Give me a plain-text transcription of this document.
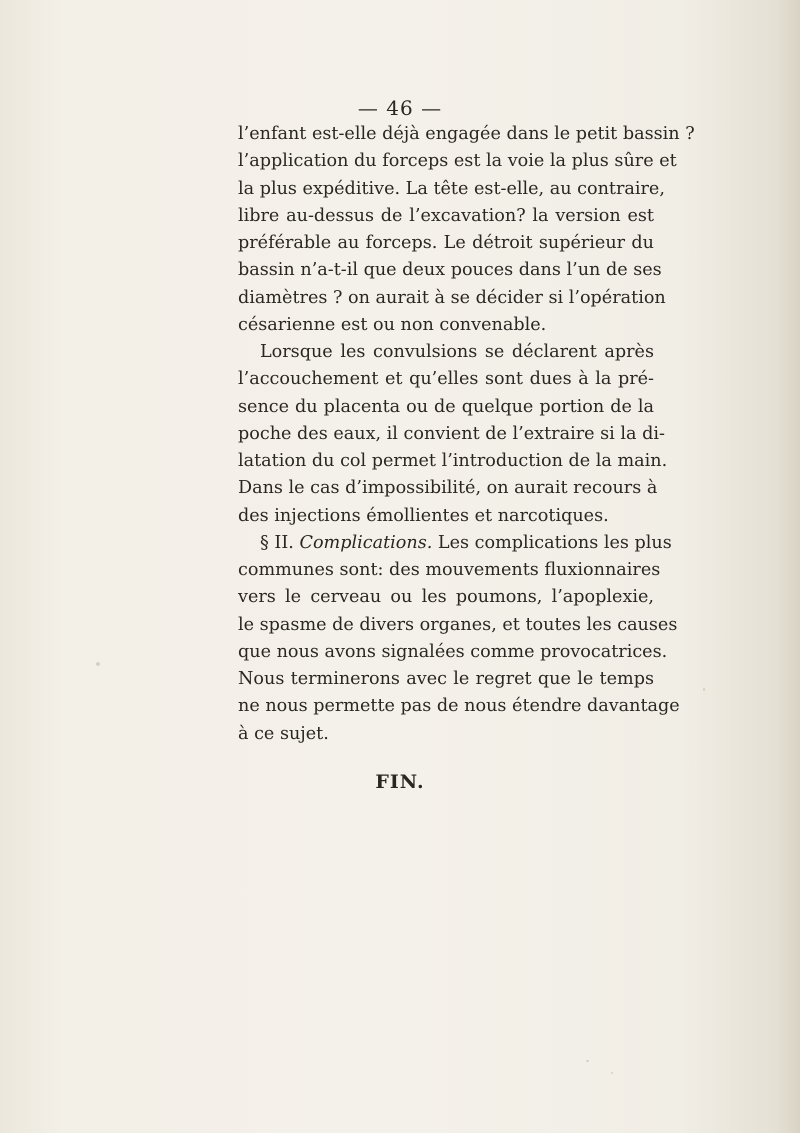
— 46 —
l’enfant est-elle déjà engagée dans le petit bassin ?
l’application du forceps est la voie la plus sûre et
la plus expéditive. La tête est-elle, au contraire,
libre au-dessus de l’excavation? la version est
préférable au forceps. Le détroit supérieur du
bassin n’a-t-il que deux pouces dans l’un de ses
diamètres ? on aurait à se décider si l’opération
césarienne est ou non convenable.
Lorsque les convulsions se déclarent après
l’accouchement et qu’elles sont dues à la pré-
sence du placenta ou de quelque portion de la
poche des eaux, il convient de l’extraire si la di-
latation du col permet l’introduction de la main.
Dans le cas d’impossibilité, on aurait recours à
des injections émollientes et narcotiques.
§ II. Complications. Les complications les plus
communes sont: des mouvements fluxionnaires
vers le cerveau ou les poumons, l’apoplexie,
le spasme de divers organes, et toutes les causes
que nous avons signalées comme provocatrices.
Nous terminerons avec le regret que le temps
ne nous permette pas de nous étendre davantage
à ce sujet.
FIN.
